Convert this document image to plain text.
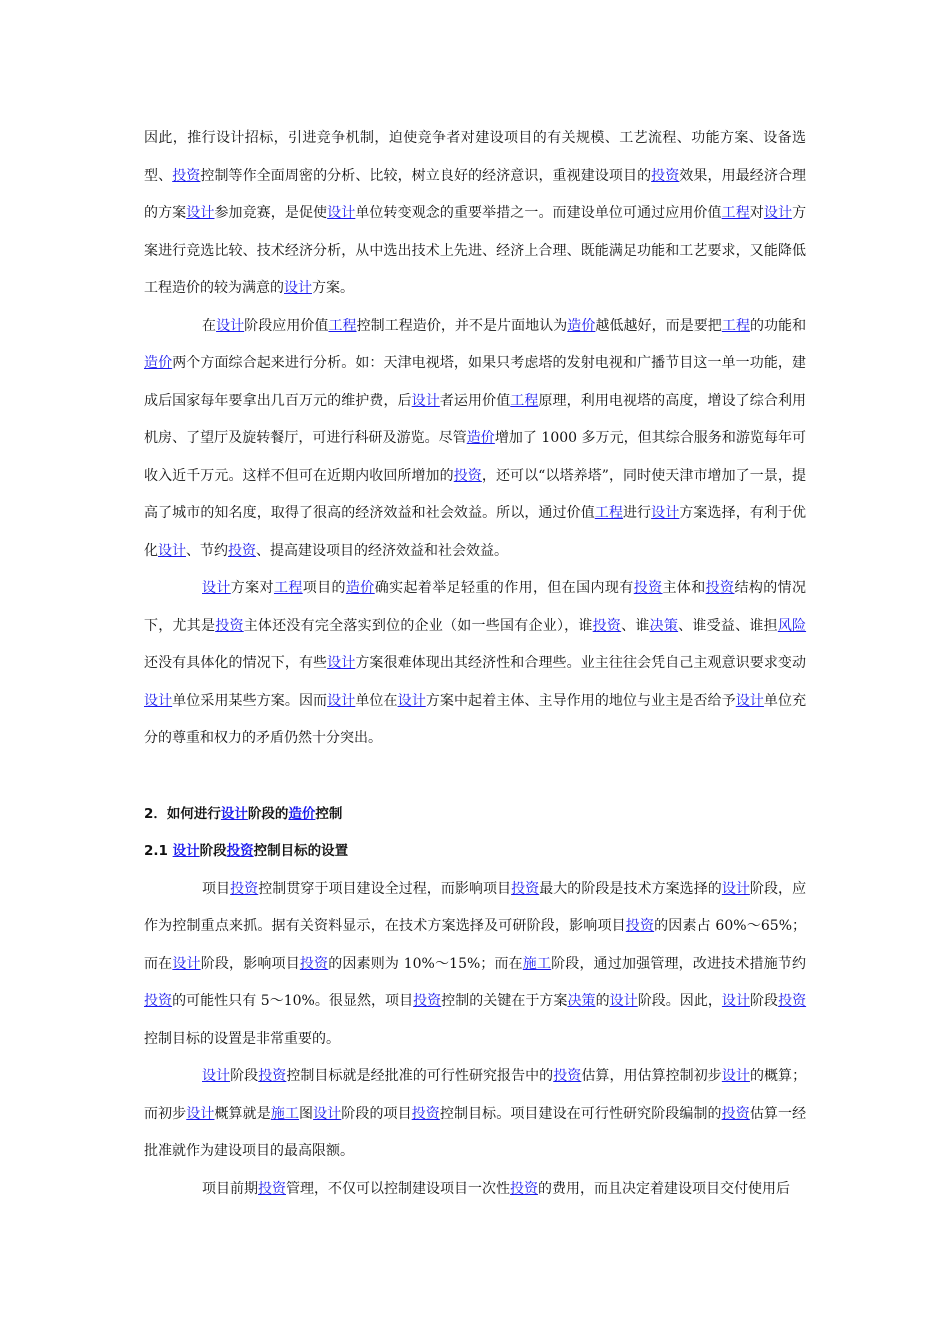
因此，推行设计招标，引进竞争机制，迫使竞争者对建设项目的有关规模、工艺流程、功能方案、设备选型、投资控制等作全面周密的分析、比较，树立良好的经济意识，重视建设项目的投资效果，用最经济合理的方案设计参加竞赛，是促使设计单位转变观念的重要举措之一。而建设单位可通过应用价值工程对设计方案进行竞选比较、技术经济分析，从中选出技术上先进、经济上合理、既能满足功能和工艺要求，又能降低工程造价的较为满意的设计方案。

在设计阶段应用价值工程控制工程造价，并不是片面地认为造价越低越好，而是要把工程的功能和造价两个方面综合起来进行分析。如：天津电视塔，如果只考虑塔的发射电视和广播节目这一单一功能，建成后国家每年要拿出几百万元的维护费，后设计者运用价值工程原理，利用电视塔的高度，增设了综合利用机房、了望厅及旋转餐厅，可进行科研及游览。尽管造价增加了 1000 多万元，但其综合服务和游览每年可收入近千万元。这样不但可在近期内收回所增加的投资，还可以“以塔养塔”，同时使天津市增加了一景，提高了城市的知名度，取得了很高的经济效益和社会效益。所以，通过价值工程进行设计方案选择，有利于优化设计、节约投资、提高建设项目的经济效益和社会效益。

设计方案对工程项目的造价确实起着举足轻重的作用，但在国内现有投资主体和投资结构的情况下，尤其是投资主体还没有完全落实到位的企业（如一些国有企业），谁投资、谁决策、谁受益、谁担风险还没有具体化的情况下，有些设计方案很难体现出其经济性和合理些。业主往往会凭自己主观意识要求变动设计单位采用某些方案。因而设计单位在设计方案中起着主体、主导作用的地位与业主是否给予设计单位充分的尊重和权力的矛盾仍然十分突出。

2．如何进行设计阶段的造价控制
2.1 设计阶段投资控制目标的设置

项目投资控制贯穿于项目建设全过程，而影响项目投资最大的阶段是技术方案选择的设计阶段，应作为控制重点来抓。据有关资料显示，在技术方案选择及可研阶段，影响项目投资的因素占 60%～65%；而在设计阶段，影响项目投资的因素则为 10%～15%；而在施工阶段，通过加强管理，改进技术措施节约投资的可能性只有 5～10%。很显然，项目投资控制的关键在于方案决策的设计阶段。因此，设计阶段投资控制目标的设置是非常重要的。

设计阶段投资控制目标就是经批准的可行性研究报告中的投资估算，用估算控制初步设计的概算；而初步设计概算就是施工图设计阶段的项目投资控制目标。项目建设在可行性研究阶段编制的投资估算一经批准就作为建设项目的最高限额。

项目前期投资管理，不仅可以控制建设项目一次性投资的费用，而且决定着建设项目交付使用后
